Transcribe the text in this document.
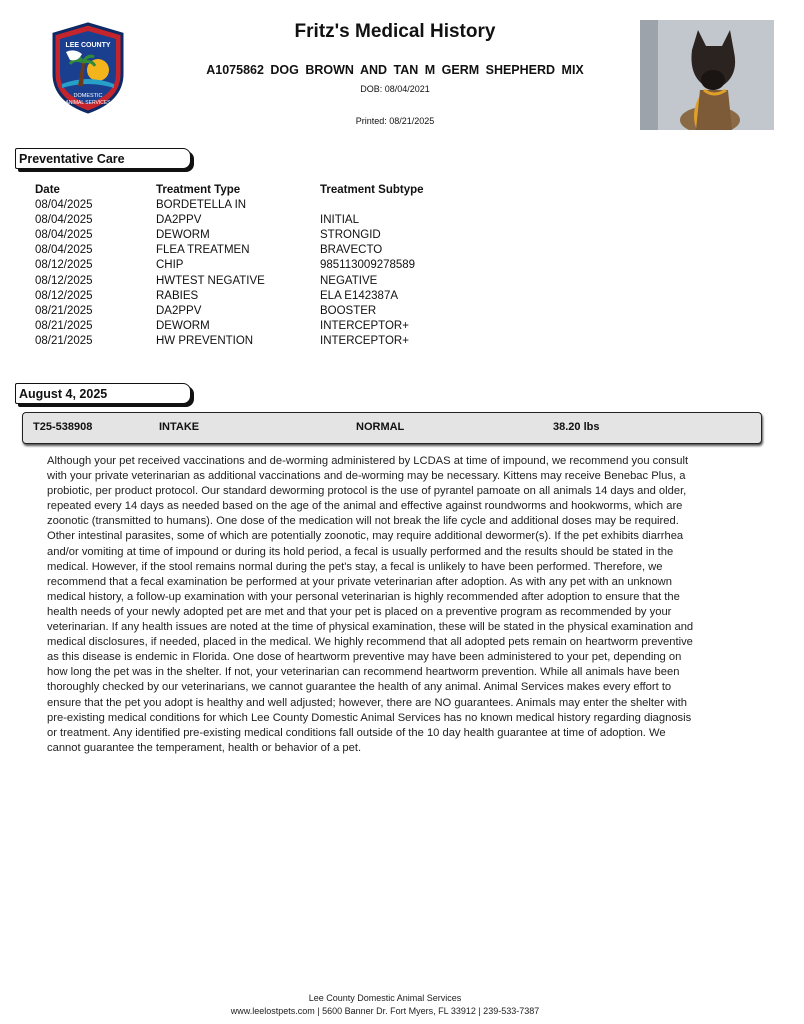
LEE COUNTY
DOMESTIC
ANIMAL SERVICES
Fritz's Medical History
A1075862 DOG BROWN AND TAN M GERM SHEPHERD MIX
DOB: 08/04/2021
Printed: 08/21/2025
Preventative Care
Date	Treatment Type	Treatment Subtype
08/04/2025	BORDETELLA IN
08/04/2025	DA2PPV	INITIAL
08/04/2025	DEWORM	STRONGID
08/04/2025	FLEA TREATMEN	BRAVECTO
08/12/2025	CHIP	985113009278589
08/12/2025	HWTEST NEGATIVE	NEGATIVE
08/12/2025	RABIES	ELA E142387A
08/21/2025	DA2PPV	BOOSTER
08/21/2025	DEWORM	INTERCEPTOR+
08/21/2025	HW PREVENTION	INTERCEPTOR+
August 4, 2025
T25-538908	INTAKE	NORMAL	38.20 lbs
Although your pet received vaccinations and de-worming administered by LCDAS at time of impound, we recommend you consult with your private veterinarian as additional vaccinations and de-worming may be necessary. Kittens may receive Benebac Plus, a probiotic, per product protocol. Our standard deworming protocol is the use of pyrantel pamoate on all animals 14 days and older, repeated every 14 days as needed based on the age of the animal and effective against roundworms and hookworms, which are zoonotic (transmitted to humans). One dose of the medication will not break the life cycle and additional doses may be required. Other intestinal parasites, some of which are potentially zoonotic, may require additional dewormer(s). If the pet exhibits diarrhea and/or vomiting at time of impound or during its hold period, a fecal is usually performed and the results should be stated in the medical. However, if the stool remains normal during the pet's stay, a fecal is unlikely to have been performed. Therefore, we recommend that a fecal examination be performed at your private veterinarian after adoption. As with any pet with an unknown medical history, a follow-up examination with your personal veterinarian is highly recommended after adoption to ensure that the health needs of your newly adopted pet are met and that your pet is placed on a preventive program as recommended by your veterinarian. If any health issues are noted at the time of physical examination, these will be stated in the physical examination and medical disclosures, if needed, placed in the medical. We highly recommend that all adopted pets remain on heartworm preventive as this disease is endemic in Florida. One dose of heartworm preventive may have been administered to your pet, depending on how long the pet was in the shelter. If not, your veterinarian can recommend heartworm prevention. While all animals have been thoroughly checked by our veterinarians, we cannot guarantee the health of any animal. Animal Services makes every effort to ensure that the pet you adopt is healthy and well adjusted; however, there are NO guarantees. Animals may enter the shelter with pre-existing medical conditions for which Lee County Domestic Animal Services has no known medical history regarding diagnosis or treatment. Any identified pre-existing medical conditions fall outside of the 10 day health guarantee at time of adoption. We cannot guarantee the temperament, health or behavior of a pet.
Lee County Domestic Animal Services
www.leelostpets.com | 5600 Banner Dr. Fort Myers, FL 33912 | 239-533-7387
